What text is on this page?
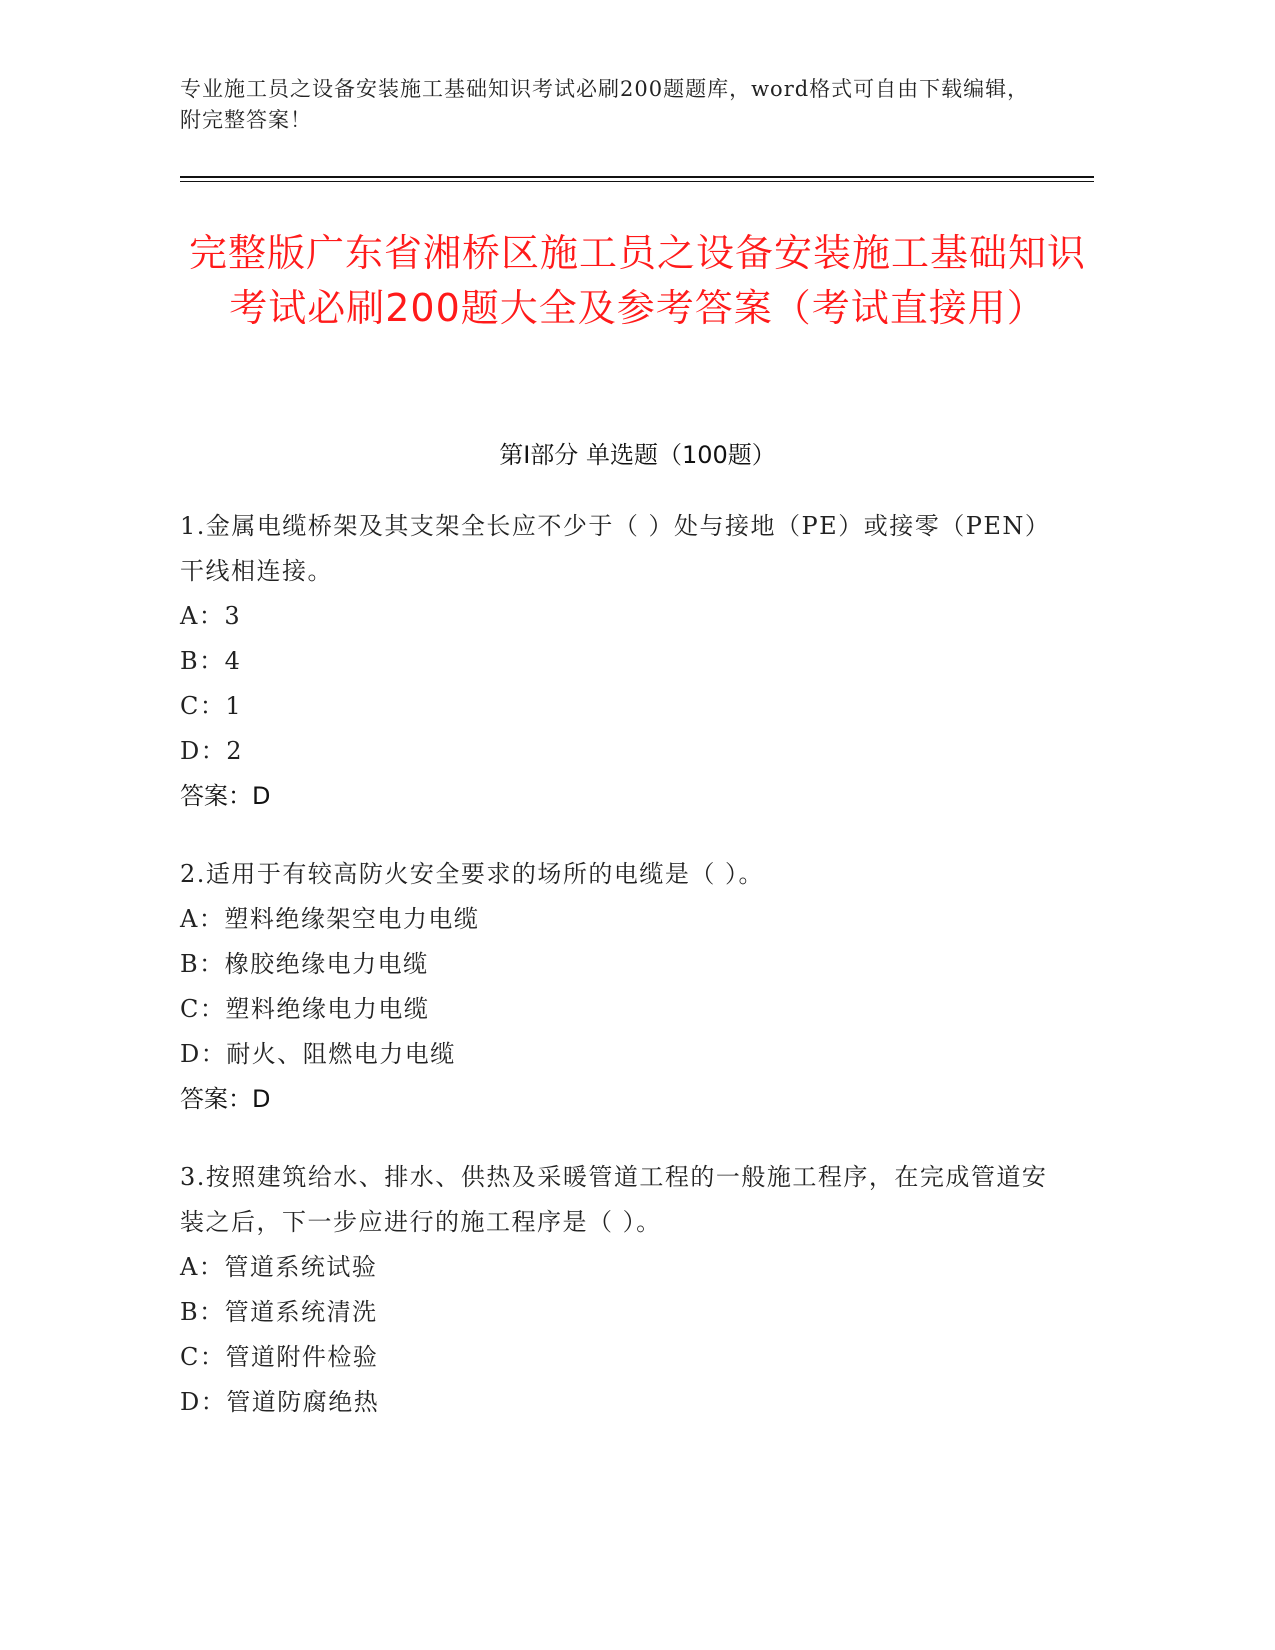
专业施工员之设备安装施工基础知识考试必刷200题题库，word格式可自由下载编辑，附完整答案！
完整版广东省湘桥区施工员之设备安装施工基础知识考试必刷200题大全及参考答案（考试直接用）
第Ⅰ部分 单选题（100题）
1.金属电缆桥架及其支架全长应不少于（ ）处与接地（PE）或接零（PEN）干线相连接。
A：3
B：4
C：1
D：2
答案：D
2.适用于有较高防火安全要求的场所的电缆是（ ）。
A：塑料绝缘架空电力电缆
B：橡胶绝缘电力电缆
C：塑料绝缘电力电缆
D：耐火、阻燃电力电缆
答案：D
3.按照建筑给水、排水、供热及采暖管道工程的一般施工程序，在完成管道安装之后，下一步应进行的施工程序是（ ）。
A：管道系统试验
B：管道系统清洗
C：管道附件检验
D：管道防腐绝热
